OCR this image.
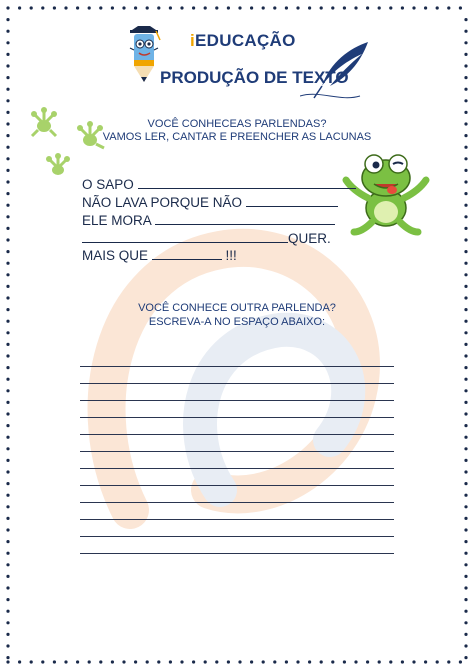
iEDUCAÇÃO
PRODUÇÃO DE TEXTO
VOCÊ CONHECEAS PARLENDAS?
VAMOS LER, CANTAR E PREENCHER AS LACUNAS
O SAPO
NÃO LAVA PORQUE NÃO
ELE MORA
QUER.
MAIS QUE	!!!
VOCÊ CONHECE OUTRA PARLENDA?
ESCREVA-A NO ESPAÇO ABAIXO:
